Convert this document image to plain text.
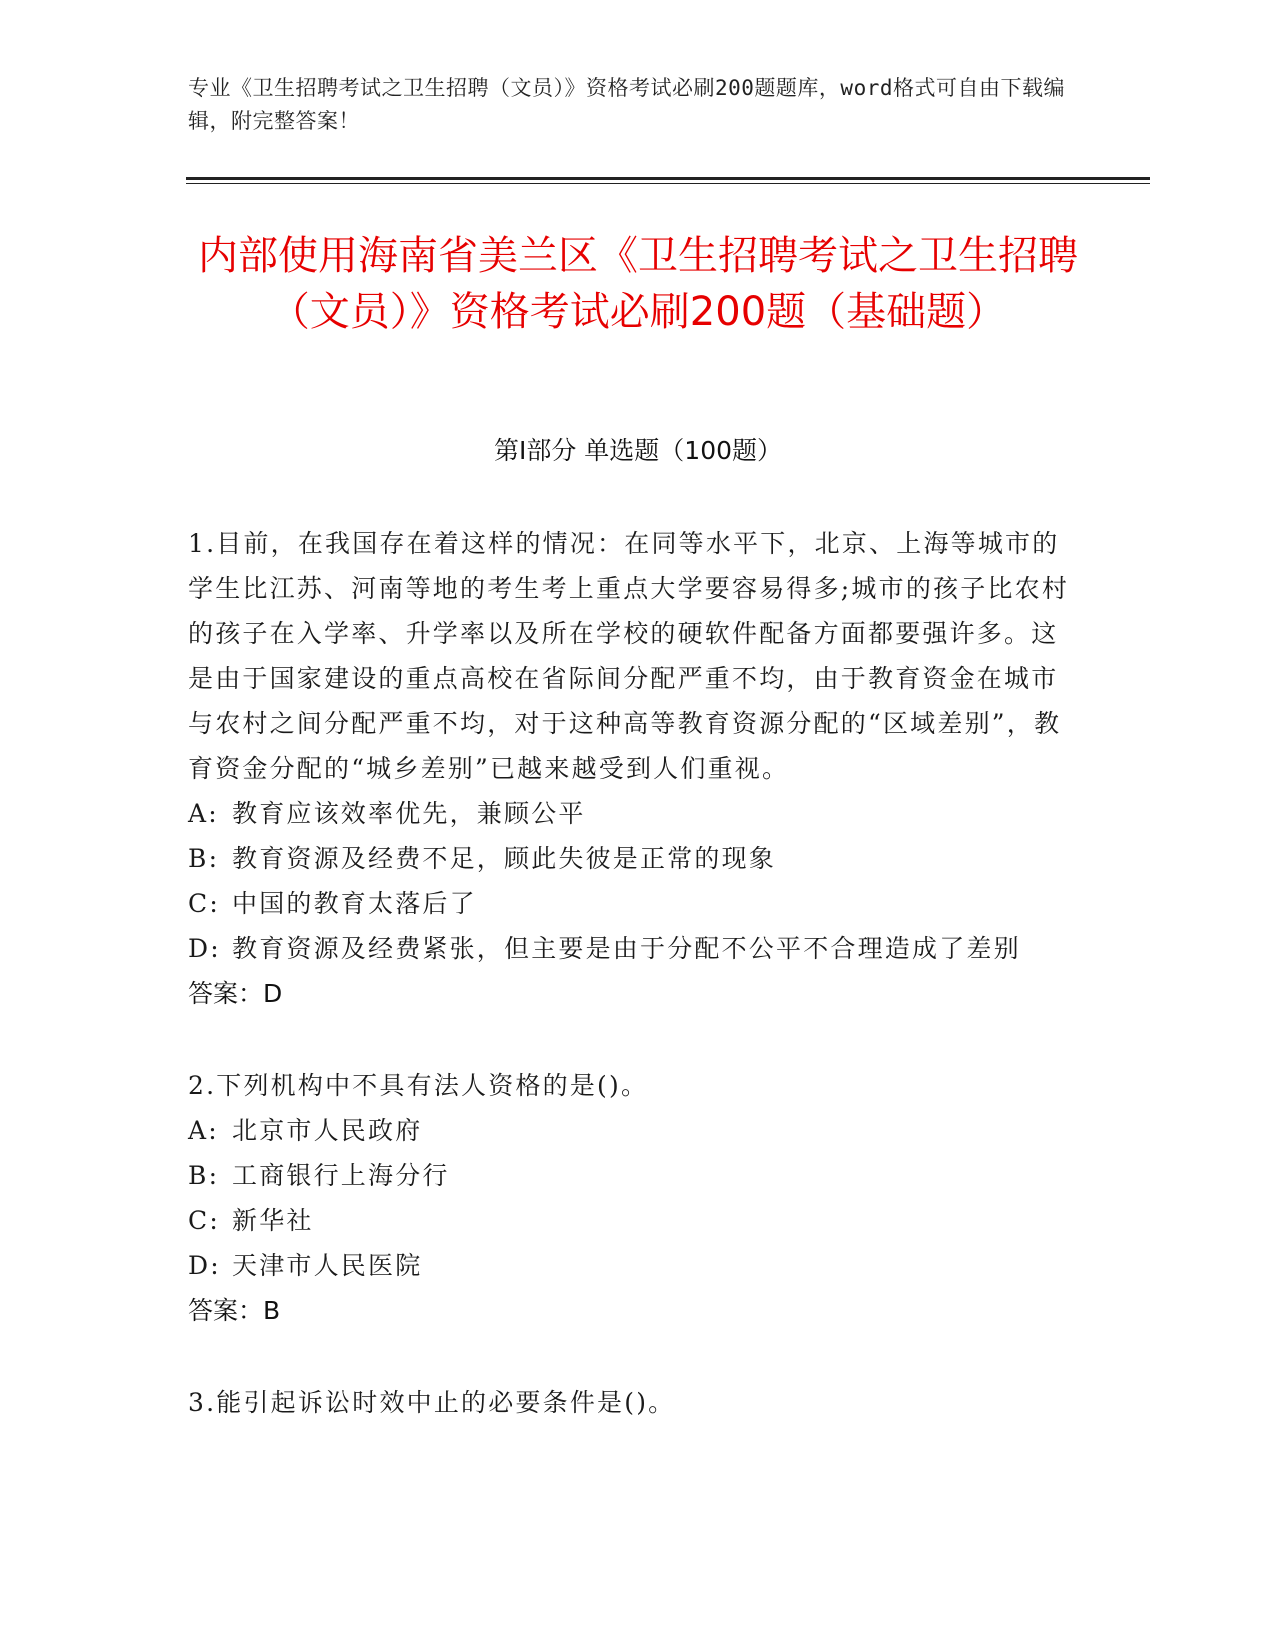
专业《卫生招聘考试之卫生招聘（文员）》资格考试必刷200题题库，word格式可自由下载编辑，附完整答案！
内部使用海南省美兰区《卫生招聘考试之卫生招聘（文员）》资格考试必刷200题（基础题）
第I部分 单选题（100题）
1.目前，在我国存在着这样的情况：在同等水平下，北京、上海等城市的学生比江苏、河南等地的考生考上重点大学要容易得多;城市的孩子比农村的孩子在入学率、升学率以及所在学校的硬软件配备方面都要强许多。这是由于国家建设的重点高校在省际间分配严重不均，由于教育资金在城市与农村之间分配严重不均，对于这种高等教育资源分配的“区域差别”，教育资金分配的“城乡差别”已越来越受到人们重视。
A: 教育应该效率优先，兼顾公平
B: 教育资源及经费不足，顾此失彼是正常的现象
C: 中国的教育太落后了
D: 教育资源及经费紧张，但主要是由于分配不公平不合理造成了差别
答案：D
2.下列机构中不具有法人资格的是()。
A: 北京市人民政府
B: 工商银行上海分行
C: 新华社
D: 天津市人民医院
答案：B
3.能引起诉讼时效中止的必要条件是()。
